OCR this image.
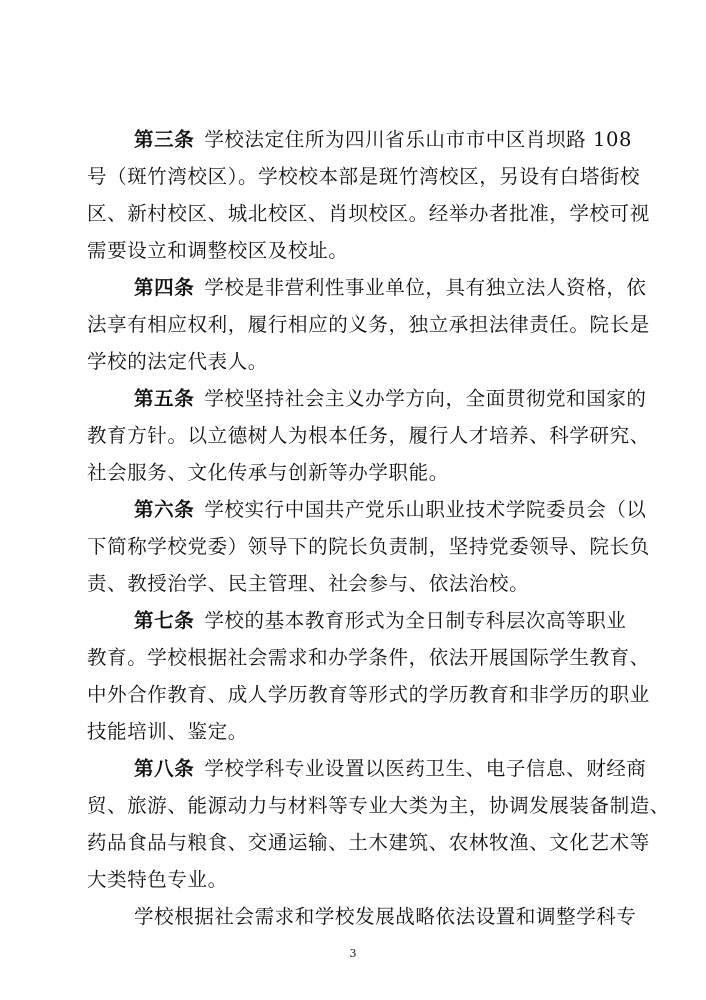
第三条 学校法定住所为四川省乐山市市中区肖坝路 108
号（斑竹湾校区）。学校校本部是斑竹湾校区，另设有白塔街校
区、新村校区、城北校区、肖坝校区。经举办者批准，学校可视
需要设立和调整校区及校址。
第四条 学校是非营利性事业单位，具有独立法人资格，依
法享有相应权利，履行相应的义务，独立承担法律责任。院长是
学校的法定代表人。
第五条 学校坚持社会主义办学方向，全面贯彻党和国家的
教育方针。以立德树人为根本任务，履行人才培养、科学研究、
社会服务、文化传承与创新等办学职能。
第六条 学校实行中国共产党乐山职业技术学院委员会（以
下简称学校党委）领导下的院长负责制，坚持党委领导、院长负
责、教授治学、民主管理、社会参与、依法治校。
第七条 学校的基本教育形式为全日制专科层次高等职业
教育。学校根据社会需求和办学条件，依法开展国际学生教育、
中外合作教育、成人学历教育等形式的学历教育和非学历的职业
技能培训、鉴定。
第八条 学校学科专业设置以医药卫生、电子信息、财经商
贸、旅游、能源动力与材料等专业大类为主，协调发展装备制造、
药品食品与粮食、交通运输、土木建筑、农林牧渔、文化艺术等
大类特色专业。
学校根据社会需求和学校发展战略依法设置和调整学科专
3
